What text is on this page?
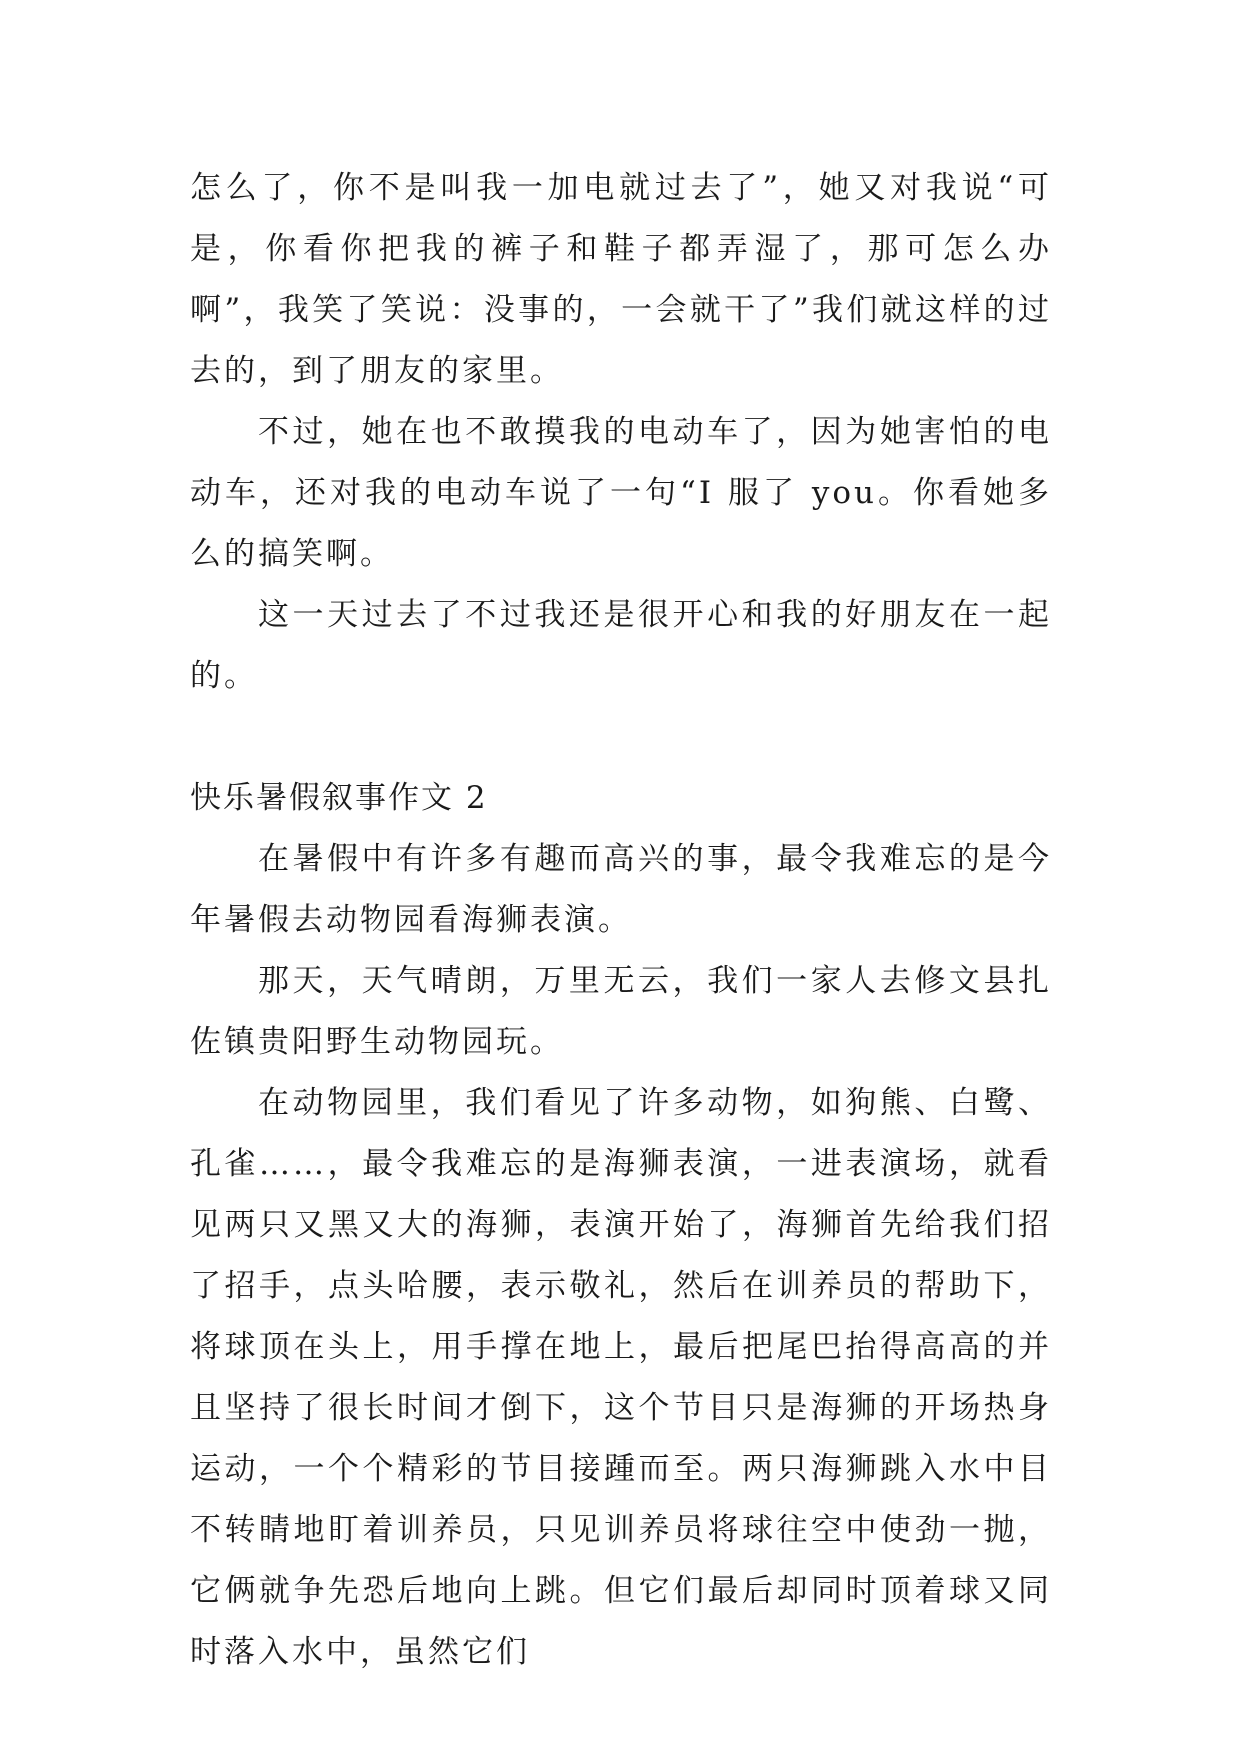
怎么了，你不是叫我一加电就过去了”，她又对我说“可是，你看你把我的裤子和鞋子都弄湿了，那可怎么办啊”，我笑了笑说：没事的，一会就干了”我们就这样的过去的，到了朋友的家里。

不过，她在也不敢摸我的电动车了，因为她害怕的电动车，还对我的电动车说了一句“I 服了 you。你看她多么的搞笑啊。

这一天过去了不过我还是很开心和我的好朋友在一起的。

快乐暑假叙事作文 2

在暑假中有许多有趣而高兴的事，最令我难忘的是今年暑假去动物园看海狮表演。

那天，天气晴朗，万里无云，我们一家人去修文县扎佐镇贵阳野生动物园玩。

在动物园里，我们看见了许多动物，如狗熊、白鹭、孔雀……，最令我难忘的是海狮表演，一进表演场，就看见两只又黑又大的海狮，表演开始了，海狮首先给我们招了招手，点头哈腰，表示敬礼，然后在训养员的帮助下，将球顶在头上，用手撑在地上，最后把尾巴抬得高高的并且坚持了很长时间才倒下，这个节目只是海狮的开场热身运动，一个个精彩的节目接踵而至。两只海狮跳入水中目不转睛地盯着训养员，只见训养员将球往空中使劲一抛，它俩就争先恐后地向上跳。但它们最后却同时顶着球又同时落入水中，虽然它们
